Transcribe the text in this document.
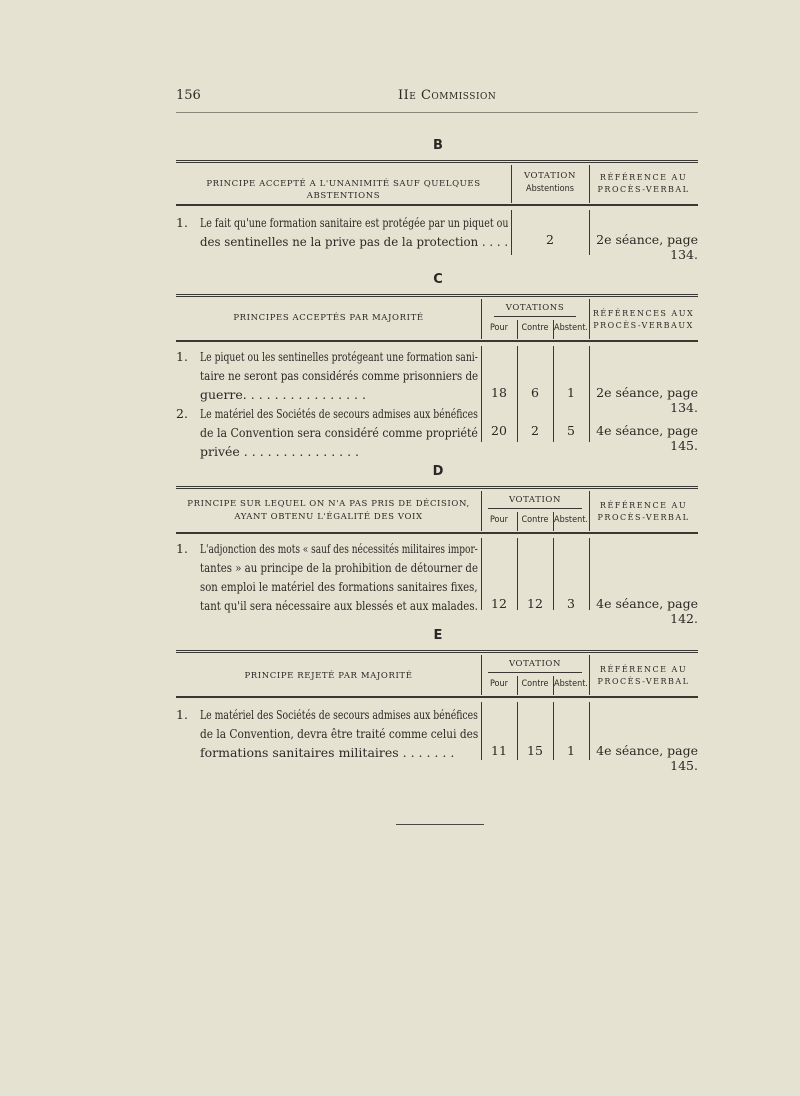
156	IIe Commission
B
PRINCIPE ACCEPTÉ A L'UNANIMITÉ SAUF QUELQUES ABSTENTIONS
VOTATION
Abstentions
RÉFÉRENCE AU
PROCÈS-VERBAL
1. Le fait qu'une formation sanitaire est protégée par un piquet ou
des sentinelles ne la prive pas de la protection . . . .	2	2e séance, page 134.
C
PRINCIPES ACCEPTÉS PAR MAJORITÉ
VOTATIONS
Pour	Contre Abstent.
RÉFÉRENCES AUX
PROCÈS-VERBAUX
1. Le piquet ou les sentinelles protégeant une formation sani-
taire ne seront pas considérés comme prisonniers de
guerre. . . . . . . . . . . . . . . .	18	6	1	2e séance, page 134.
2. Le matériel des Sociétés de secours admises aux bénéfices
de la Convention sera considéré comme propriété
privée . . . . . . . . . . . . . . .
20	2	5	4e séance, page 145.
D
PRINCIPE SUR LEQUEL ON N'A PAS PRIS DE DÉCISION,
AYANT OBTENU L'ÉGALITÉ DES VOIX
VOTATION
Pour	Contre Abstent.
RÉFÉRENCE AU
PROCÈS-VERBAL
1. L'adjonction des mots « sauf des nécessités militaires impor-
tantes » au principe de la prohibition de détourner de
son emploi le matériel des formations sanitaires fixes,
tant qu'il sera nécessaire aux blessés et aux malades.	12	12	3	4e séance, page 142.
E
PRINCIPE REJETÉ PAR MAJORITÉ
VOTATION
Pour	Contre Abstent.
RÉFÉRENCE AU
PROCÈS-VERBAL
1. Le matériel des Sociétés de secours admises aux bénéfices
de la Convention, devra être traité comme celui des
formations sanitaires militaires . . . . . . .	11	15	1	4e séance, page 145.
